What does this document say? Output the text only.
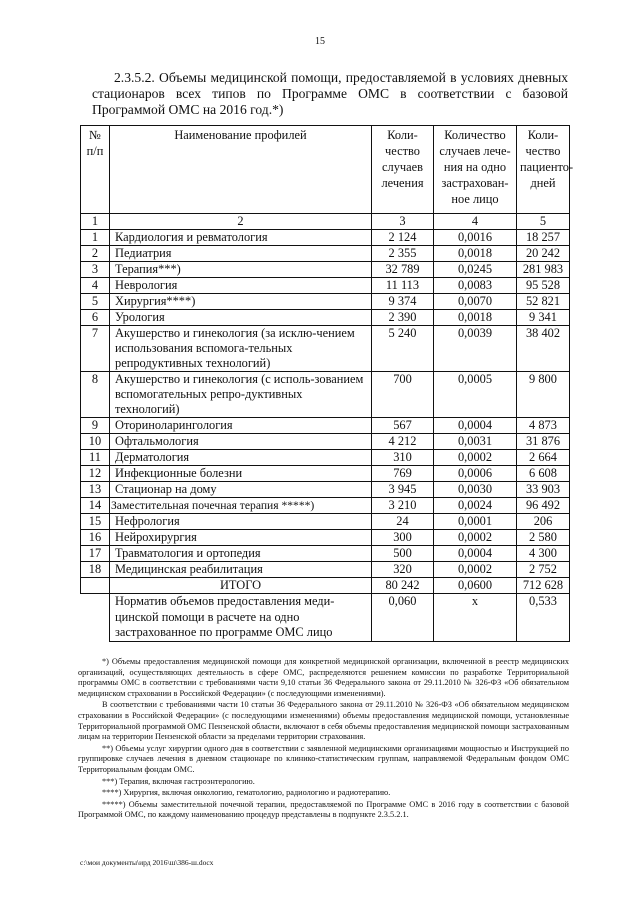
15
2.3.5.2. Объемы медицинской помощи, предоставляемой в условиях дневных стационаров всех типов по Программе ОМС в соответствии с базовой Программой ОМС на 2016 год.*)
№ п/п	Наименование профилей	Коли-чество случаев лечения	Количество случаев лече-ния на одно застрахован-ное лицо	Коли-чество пациенто-дней
1	2	3	4	5
1	Кардиология и ревматология	2 124	0,0016	18 257
2	Педиатрия	2 355	0,0018	20 242
3	Терапия***)	32 789	0,0245	281 983
4	Неврология	11 113	0,0083	95 528
5	Хирургия****)	9 374	0,0070	52 821
6	Урология	2 390	0,0018	9 341
7	Акушерство и гинекология (за исклю-чением использования вспомога-тельных репродуктивных технологий)	5 240	0,0039	38 402
8	Акушерство и гинекология (с исполь-зованием вспомогательных репро-дуктивных технологий)	700	0,0005	9 800
9	Оториноларингология	567	0,0004	4 873
10	Офтальмология	4 212	0,0031	31 876
11	Дерматология	310	0,0002	2 664
12	Инфекционные болезни	769	0,0006	6 608
13	Стационар на дому	3 945	0,0030	33 903
14	Заместительная почечная терапия *****)	3 210	0,0024	96 492
15	Нефрология	24	0,0001	206
16	Нейрохирургия	300	0,0002	2 580
17	Травматология и ортопедия	500	0,0004	4 300
18	Медицинская реабилитация	320	0,0002	2 752
	ИТОГО	80 242	0,0600	712 628
	Норматив объемов предоставления меди-цинской помощи в расчете на одно застрахованное по программе ОМС лицо	0,060	х	0,533

*) Объемы предоставления медицинской помощи для конкретной медицинской организации, включенной в реестр медицинских организаций, осуществляющих деятельность в сфере ОМС, распределяются решением комиссии по разработке Территориальной программы ОМС в соответствии с требованиями части 9,10 статьи 36 Федерального закона от 29.11.2010 № 326-ФЗ «Об обязательном медицинском страховании в Российской Федерации» (с последующими изменениями).

В соответствии с требованиями части 10 статьи 36 Федерального закона от 29.11.2010 № 326-ФЗ «Об обязательном медицинском страховании в Российской Федерации» (с последующими изменениями) объемы предоставления медицинской помощи, установленные Территориальной программой ОМС Пензенской области, включают в себя объемы предоставления медицинской помощи застрахованным лицам на территории Пензенской области за пределами территории страхования.

**) Объемы услуг хирургии одного дня в соответствии с заявленной медицинскими организациями мощностью и Инструкцией по группировке случаев лечения в дневном стационаре по клинико-статистическим группам, направляемой Федеральным фондом ОМС Территориальным фондам ОМС.

***) Терапия, включая гастроэнтерологию.

****) Хирургия, включая онкологию, гематологию, радиологию и радиотерапию.

*****) Объемы заместительной почечной терапии, предоставляемой по Программе ОМС в 2016 году в соответствии с базовой Программой ОМС, по каждому наименованию процедур представлены в подпункте 2.3.5.2.1.

c:\мои документы\ирд 2016\ш\386-ш.docx
